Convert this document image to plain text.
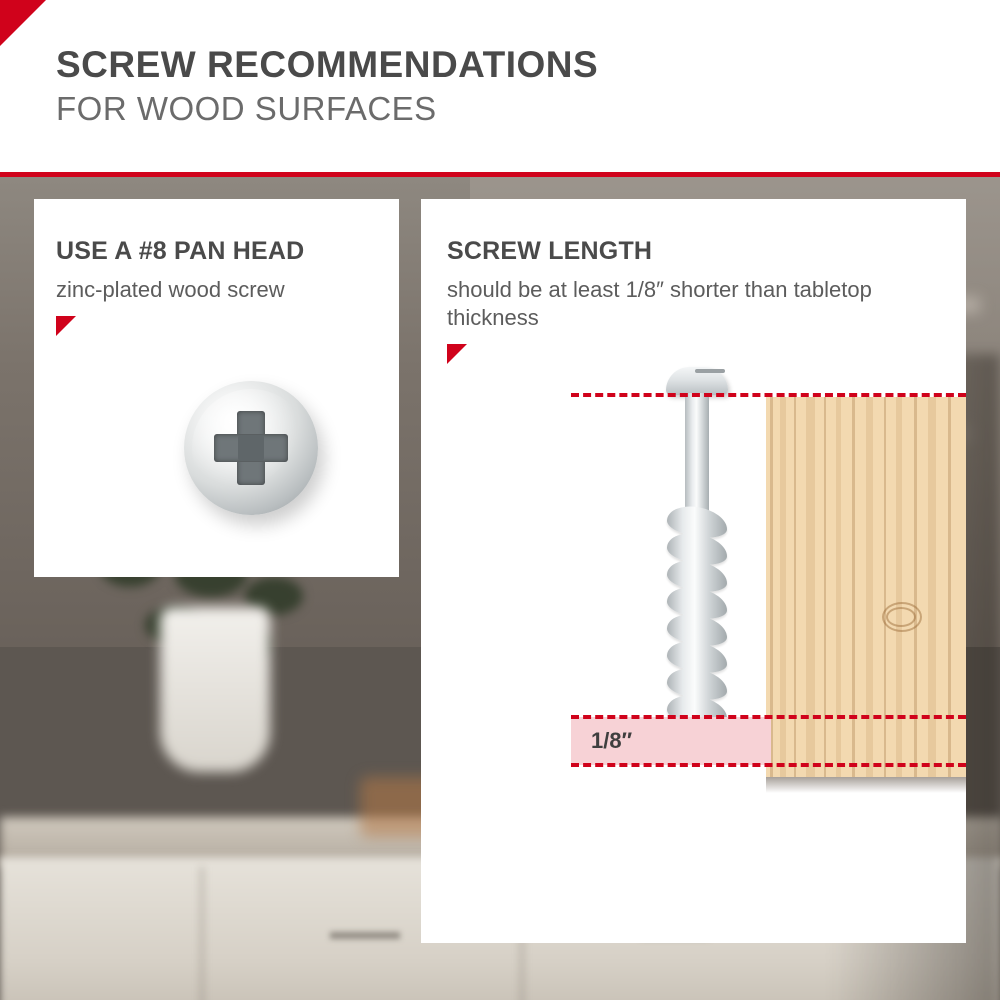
SCREW RECOMMENDATIONS
FOR WOOD SURFACES
USE A #8 PAN HEAD
zinc-plated wood screw
SCREW LENGTH
should be at least 1/8″ shorter than tabletop thickness
1/8″
